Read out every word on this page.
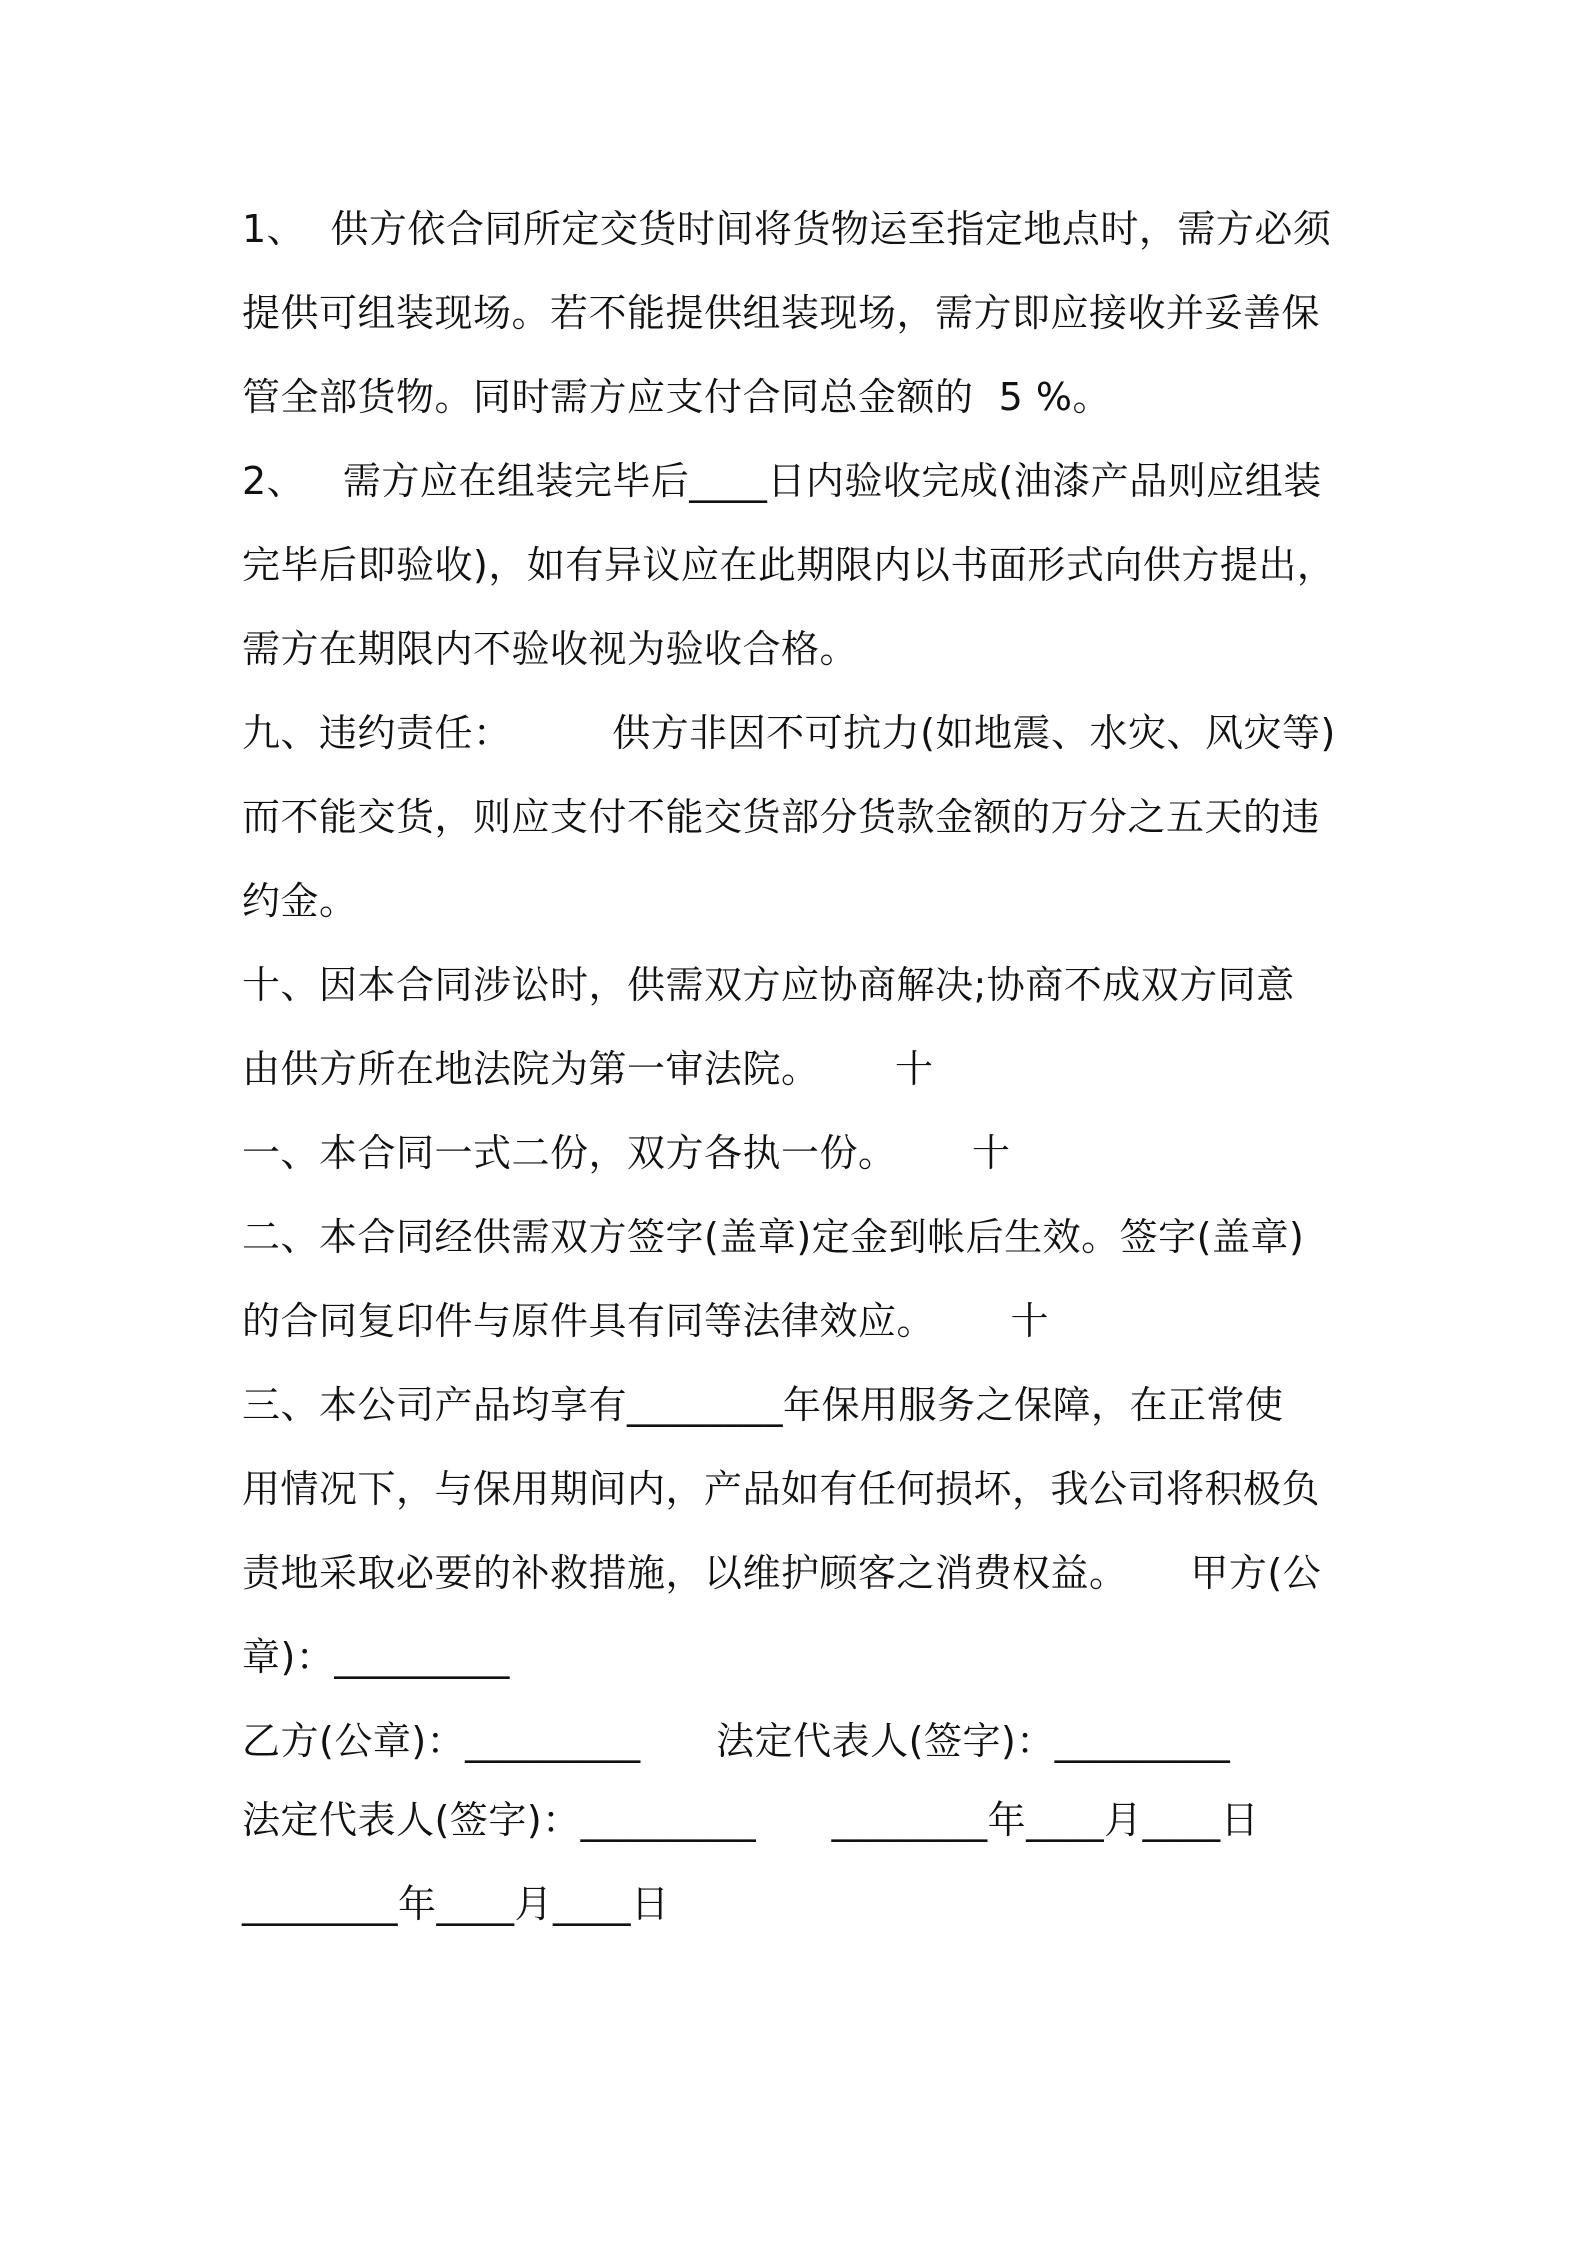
1、  供方依合同所定交货时间将货物运至指定地点时，需方必须
提供可组装现场。若不能提供组装现场，需方即应接收并妥善保
管全部货物。同时需方应支付合同总金额的  5 %。
2、   需方应在组装完毕后____日内验收完成(油漆产品则应组装
完毕后即验收)，如有异议应在此期限内以书面形式向供方提出，
需方在期限内不验收视为验收合格。
九、违约责任：        供方非因不可抗力(如地震、水灾、风灾等)
而不能交货，则应支付不能交货部分货款金额的万分之五天的违
约金。
十、因本合同涉讼时，供需双方应协商解决;协商不成双方同意
由供方所在地法院为第一审法院。      十
一、本合同一式二份，双方各执一份。      十
二、本合同经供需双方签字(盖章)定金到帐后生效。签字(盖章)
的合同复印件与原件具有同等法律效应。      十
三、本公司产品均享有________年保用服务之保障，在正常使
用情况下，与保用期间内，产品如有任何损坏，我公司将积极负
责地采取必要的补救措施，以维护顾客之消费权益。     甲方(公
章)：_________
乙方(公章)：_________      法定代表人(签字)：_________
法定代表人(签字)：_________      ________年____月____日
________年____月____日
